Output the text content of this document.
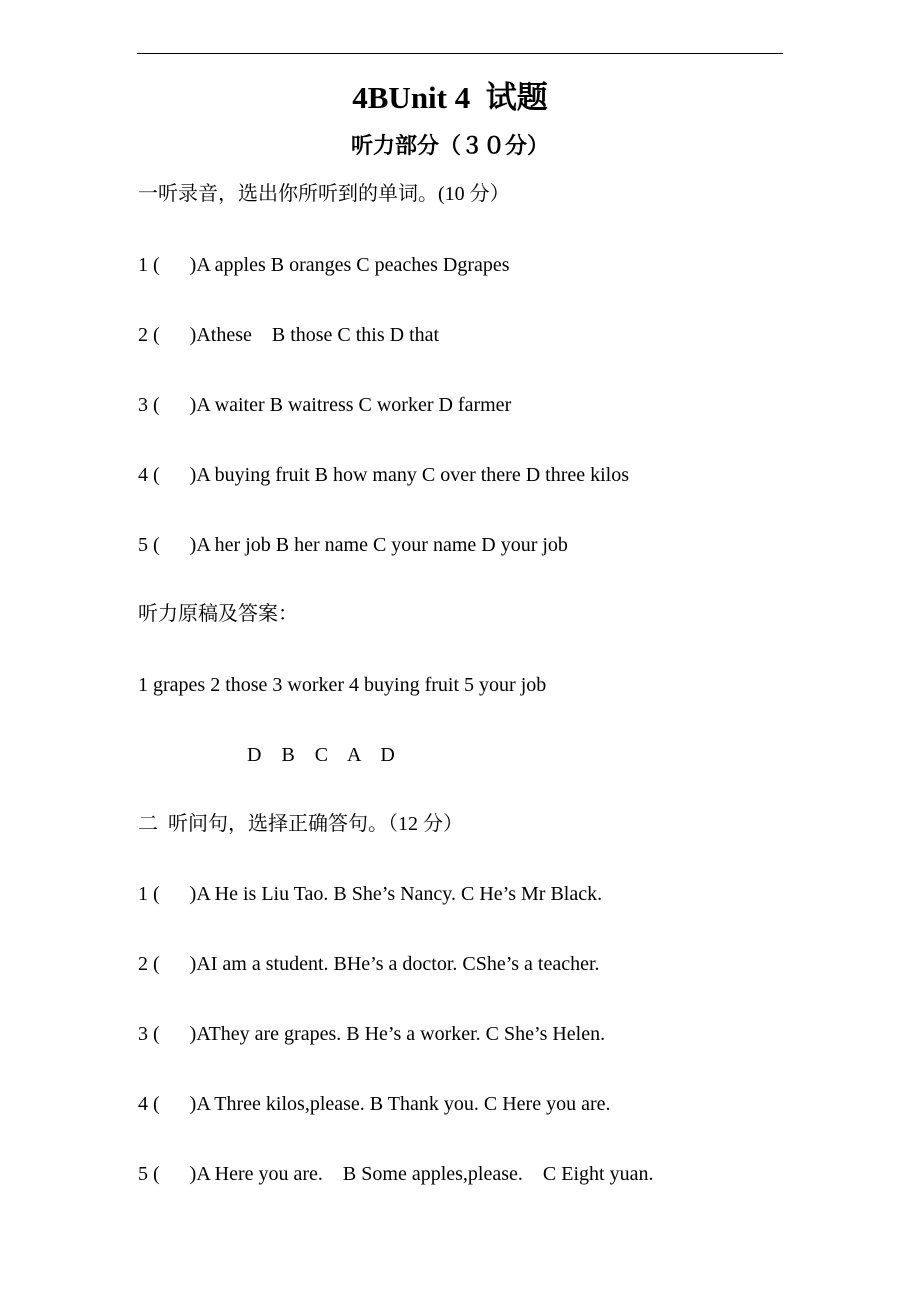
4BUnit 4  试题
听力部分（３０分）
一听录音，选出你所听到的单词。(10 分）
1 (      )A apples B oranges C peaches Dgrapes
2 (      )Athese    B those C this D that
3 (      )A waiter B waitress C worker D farmer
4 (      )A buying fruit B how many C over there D three kilos
5 (      )A her job B her name C your name D your job
听力原稿及答案：
1 grapes 2 those 3 worker 4 buying fruit 5 your job
D    B    C    A    D
二  听问句，选择正确答句。（12 分）
1 (      )A He is Liu Tao. B She’s Nancy. C He’s Mr Black.
2 (      )AI am a student. BHe’s a doctor. CShe’s a teacher.
3 (      )AThey are grapes. B He’s a worker. C She’s Helen.
4 (      )A Three kilos,please. B Thank you. C Here you are.
5 (      )A Here you are.    B Some apples,please.    C Eight yuan.
